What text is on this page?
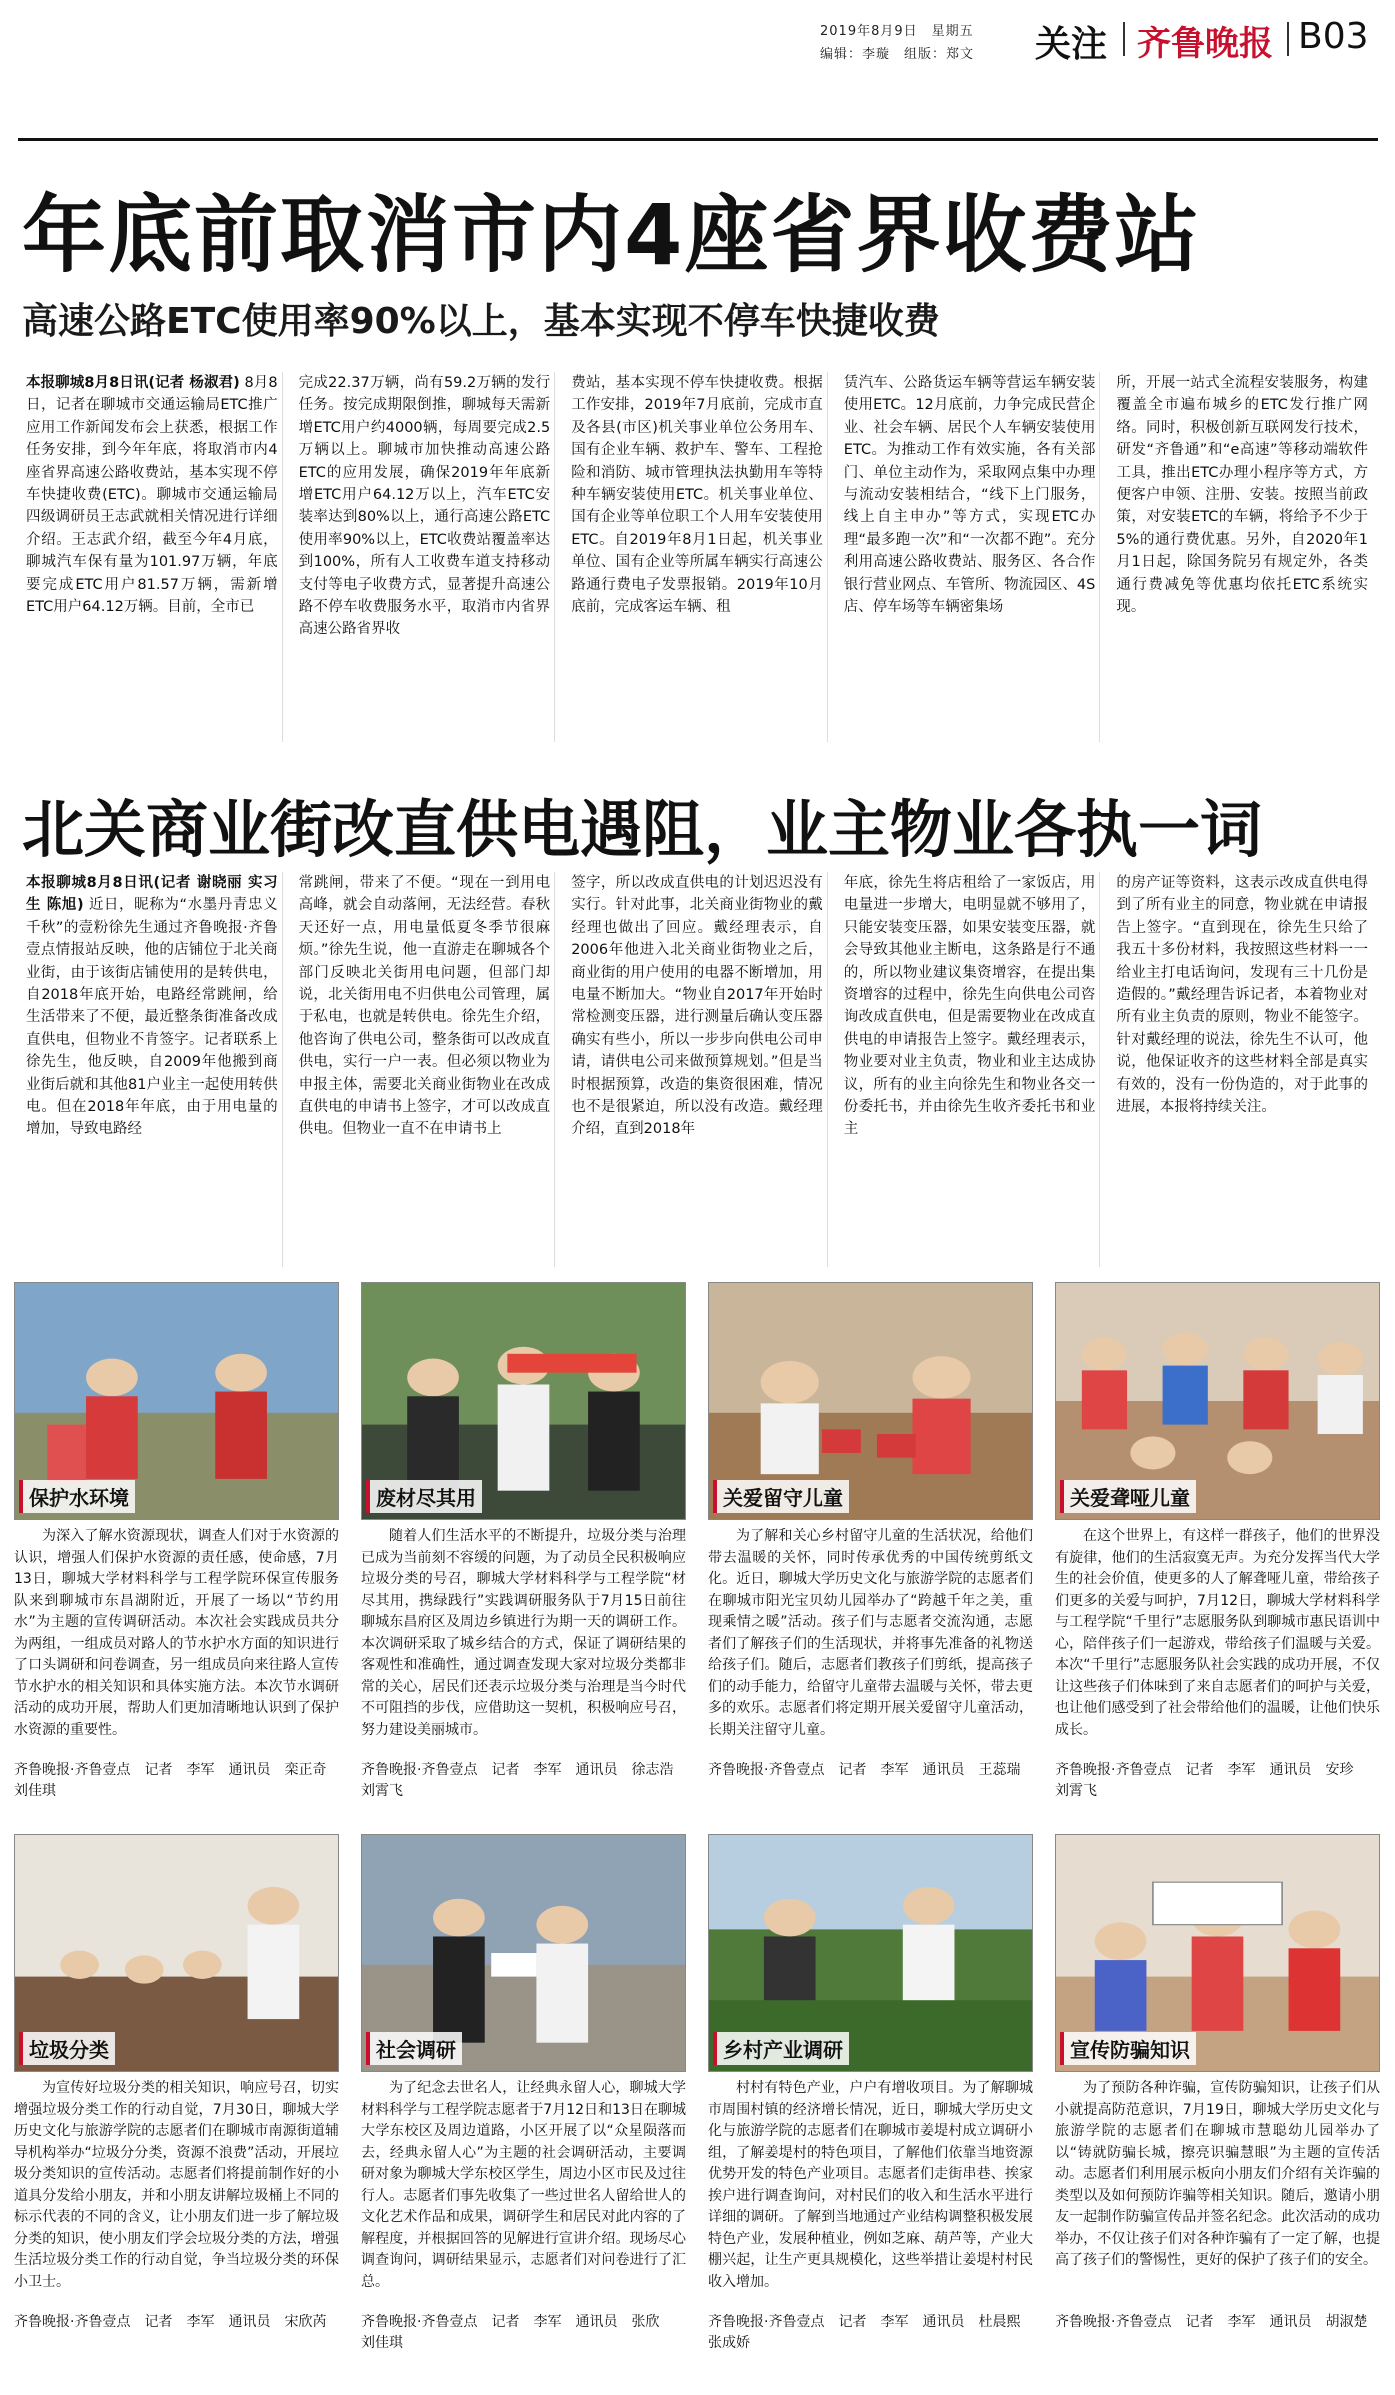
2019年8月9日　星期五
编辑：李璇　组版：郑文 关注 齐鲁晚报 B03
年底前取消市内4座省界收费站
高速公路ETC使用率90%以上，基本实现不停车快捷收费
本报聊城8月8日讯(记者 杨淑君) 8月8日，记者在聊城市交通运输局ETC推广应用工作新闻发布会上获悉，根据工作任务安排，到今年年底，将取消市内4座省界高速公路收费站，基本实现不停车快捷收费(ETC)。聊城市交通运输局四级调研员王志武就相关情况进行详细介绍。王志武介绍，截至今年4月底，聊城汽车保有量为101.97万辆，年底要完成ETC用户81.57万辆，需新增ETC用户64.12万辆。目前，全市已
完成22.37万辆，尚有59.2万辆的发行任务。按完成期限倒推，聊城每天需新增ETC用户约4000辆，每周要完成2.5万辆以上。聊城市加快推动高速公路ETC的应用发展，确保2019年年底新增ETC用户64.12万以上，汽车ETC安装率达到80%以上，通行高速公路ETC使用率90%以上，ETC收费站覆盖率达到100%，所有人工收费车道支持移动支付等电子收费方式，显著提升高速公路不停车收费服务水平，取消市内省界高速公路省界收
费站，基本实现不停车快捷收费。根据工作安排，2019年7月底前，完成市直及各县(市区)机关事业单位公务用车、国有企业车辆、救护车、警车、工程抢险和消防、城市管理执法执勤用车等特种车辆安装使用ETC。机关事业单位、国有企业等单位职工个人用车安装使用ETC。自2019年8月1日起，机关事业单位、国有企业等所属车辆实行高速公路通行费电子发票报销。2019年10月底前，完成客运车辆、租
赁汽车、公路货运车辆等营运车辆安装使用ETC。12月底前，力争完成民营企业、社会车辆、居民个人车辆安装使用ETC。为推动工作有效实施，各有关部门、单位主动作为，采取网点集中办理与流动安装相结合，“线下上门服务，线上自主申办”等方式，实现ETC办理“最多跑一次”和“一次都不跑”。充分利用高速公路收费站、服务区、各合作银行营业网点、车管所、物流园区、4S店、停车场等车辆密集场
所，开展一站式全流程安装服务，构建覆盖全市遍布城乡的ETC发行推广网络。同时，积极创新互联网发行技术，研发“齐鲁通”和“e高速”等移动端软件工具，推出ETC办理小程序等方式，方便客户申领、注册、安装。按照当前政策，对安装ETC的车辆，将给予不少于5%的通行费优惠。另外，自2020年1月1日起，除国务院另有规定外，各类通行费减免等优惠均依托ETC系统实现。
北关商业街改直供电遇阻，业主物业各执一词
本报聊城8月8日讯(记者 谢晓丽 实习生 陈旭) 近日，昵称为“水墨丹青忠义千秋”的壹粉徐先生通过齐鲁晚报·齐鲁壹点情报站反映，他的店铺位于北关商业街，由于该街店铺使用的是转供电，自2018年底开始，电路经常跳闸，给生活带来了不便，最近整条街准备改成直供电，但物业不肯签字。记者联系上徐先生，他反映，自2009年他搬到商业街后就和其他81户业主一起使用转供电。但在2018年年底，由于用电量的增加，导致电路经
常跳闸，带来了不便。“现在一到用电高峰，就会自动落闸，无法经营。春秋天还好一点，用电量低夏冬季节很麻烦。”徐先生说，他一直游走在聊城各个部门反映北关街用电问题，但部门却说，北关街用电不归供电公司管理，属于私电，也就是转供电。徐先生介绍，他咨询了供电公司，整条街可以改成直供电，实行一户一表。但必须以物业为申报主体，需要北关商业街物业在改成直供电的申请书上签字，才可以改成直供电。但物业一直不在申请书上
签字，所以改成直供电的计划迟迟没有实行。针对此事，北关商业街物业的戴经理也做出了回应。戴经理表示，自2006年他进入北关商业街物业之后，商业街的用户使用的电器不断增加，用电量不断加大。“物业自2017年开始时常检测变压器，进行测量后确认变压器确实有些小，所以一步步向供电公司申请，请供电公司来做预算规划。”但是当时根据预算，改造的集资很困难，情况也不是很紧迫，所以没有改造。戴经理介绍，直到2018年
年底，徐先生将店租给了一家饭店，用电量进一步增大，电明显就不够用了，只能安装变压器，如果安装变压器，就会导致其他业主断电，这条路是行不通的，所以物业建议集资增容，在提出集资增容的过程中，徐先生向供电公司咨询改成直供电，但是需要物业在改成直供电的申请报告上签字。戴经理表示，物业要对业主负责，物业和业主达成协议，所有的业主向徐先生和物业各交一份委托书，并由徐先生收齐委托书和业主
的房产证等资料，这表示改成直供电得到了所有业主的同意，物业就在申请报告上签字。“直到现在，徐先生只给了我五十多份材料，我按照这些材料一一给业主打电话询问，发现有三十几份是造假的。”戴经理告诉记者，本着物业对所有业主负责的原则，物业不能签字。针对戴经理的说法，徐先生不认可，他说，他保证收齐的这些材料全部是真实有效的，没有一份伪造的，对于此事的进展，本报将持续关注。
保护水环境

为深入了解水资源现状，调查人们对于水资源的认识，增强人们保护水资源的责任感，使命感，7月13日，聊城大学材料科学与工程学院环保宣传服务队来到聊城市东昌湖附近，开展了一场以“节约用水”为主题的宣传调研活动。本次社会实践成员共分为两组，一组成员对路人的节水护水方面的知识进行了口头调研和问卷调查，另一组成员向来往路人宣传节水护水的相关知识和具体实施方法。本次节水调研活动的成功开展，帮助人们更加清晰地认识到了保护水资源的重要性。

齐鲁晚报·齐鲁壹点　记者　李军　通讯员　栾正奇　刘佳琪
废材尽其用

随着人们生活水平的不断提升，垃圾分类与治理已成为当前刻不容缓的问题，为了动员全民积极响应垃圾分类的号召，聊城大学材料科学与工程学院“材尽其用，携绿践行”实践调研服务队于7月15日前往聊城东昌府区及周边乡镇进行为期一天的调研工作。本次调研采取了城乡结合的方式，保证了调研结果的客观性和准确性，通过调查发现大家对垃圾分类都非常的关心，居民们还表示垃圾分类与治理是当今时代不可阻挡的步伐，应借助这一契机，积极响应号召，努力建设美丽城市。

齐鲁晚报·齐鲁壹点　记者　李军　通讯员　徐志浩　刘霄飞
关爱留守儿童

为了解和关心乡村留守儿童的生活状况，给他们带去温暖的关怀，同时传承优秀的中国传统剪纸文化。近日，聊城大学历史文化与旅游学院的志愿者们在聊城市阳光宝贝幼儿园举办了“跨越千年之美，重现乘情之暖”活动。孩子们与志愿者交流沟通，志愿者们了解孩子们的生活现状，并将事先准备的礼物送给孩子们。随后，志愿者们教孩子们剪纸，提高孩子们的动手能力，给留守儿童带去温暖与关怀，带去更多的欢乐。志愿者们将定期开展关爱留守儿童活动，长期关注留守儿童。

齐鲁晚报·齐鲁壹点　记者　李军　通讯员　王蕊瑞
关爱聋哑儿童

在这个世界上，有这样一群孩子，他们的世界没有旋律，他们的生活寂寞无声。为充分发挥当代大学生的社会价值，使更多的人了解聋哑儿童，带给孩子们更多的关爱与呵护，7月12日，聊城大学材料科学与工程学院“千里行”志愿服务队到聊城市惠民语训中心，陪伴孩子们一起游戏，带给孩子们温暖与关爱。本次“千里行”志愿服务队社会实践的成功开展，不仅让这些孩子们体味到了来自志愿者们的呵护与关爱，也让他们感受到了社会带给他们的温暖，让他们快乐成长。

齐鲁晚报·齐鲁壹点　记者　李军　通讯员　安珍　刘霄飞
垃圾分类

为宣传好垃圾分类的相关知识，响应号召，切实增强垃圾分类工作的行动自觉，7月30日，聊城大学历史文化与旅游学院的志愿者们在聊城市南源街道辅导机构举办“垃圾分分类，资源不浪费”活动，开展垃圾分类知识的宣传活动。志愿者们将提前制作好的小道具分发给小朋友，并和小朋友讲解垃圾桶上不同的标示代表的不同的含义，让小朋友们进一步了解垃圾分类的知识，使小朋友们学会垃圾分类的方法，增强生活垃圾分类工作的行动自觉，争当垃圾分类的环保小卫士。

齐鲁晚报·齐鲁壹点　记者　李军　通讯员　宋欣芮
社会调研

为了纪念去世名人，让经典永留人心，聊城大学材料科学与工程学院志愿者于7月12日和13日在聊城大学东校区及周边道路，小区开展了以“众星陨落而去，经典永留人心”为主题的社会调研活动，主要调研对象为聊城大学东校区学生，周边小区市民及过往行人。志愿者们事先收集了一些过世名人留给世人的文化艺术作品和成果，调研学生和居民对此内容的了解程度，并根据回答的见解进行宣讲介绍。现场尽心调查询问，调研结果显示，志愿者们对问卷进行了汇总。

齐鲁晚报·齐鲁壹点　记者　李军　通讯员　张欣　刘佳琪
乡村产业调研

村村有特色产业，户户有增收项目。为了解聊城市周围村镇的经济增长情况，近日，聊城大学历史文化与旅游学院的志愿者们在聊城市姜堤村成立调研小组，了解姜堤村的特色项目，了解他们依靠当地资源优势开发的特色产业项目。志愿者们走街串巷、挨家挨户进行调查询问，对村民们的收入和生活水平进行详细的调研。了解到当地通过产业结构调整积极发展特色产业，发展种植业，例如芝麻、葫芦等，产业大棚兴起，让生产更具规模化，这些举措让姜堤村村民收入增加。

齐鲁晚报·齐鲁壹点　记者　李军　通讯员　杜晨熙　张成娇
宣传防骗知识

为了预防各种诈骗，宣传防骗知识，让孩子们从小就提高防范意识，7月19日，聊城大学历史文化与旅游学院的志愿者们在聊城市慧聪幼儿园举办了以“铸就防骗长城，擦亮识骗慧眼”为主题的宣传活动。志愿者们利用展示板向小朋友们介绍有关诈骗的类型以及如何预防诈骗等相关知识。随后，邀请小朋友一起制作防骗宣传品并签名纪念。此次活动的成功举办，不仅让孩子们对各种诈骗有了一定了解，也提高了孩子们的警惕性，更好的保护了孩子们的安全。

齐鲁晚报·齐鲁壹点　记者　李军　通讯员　胡淑楚
